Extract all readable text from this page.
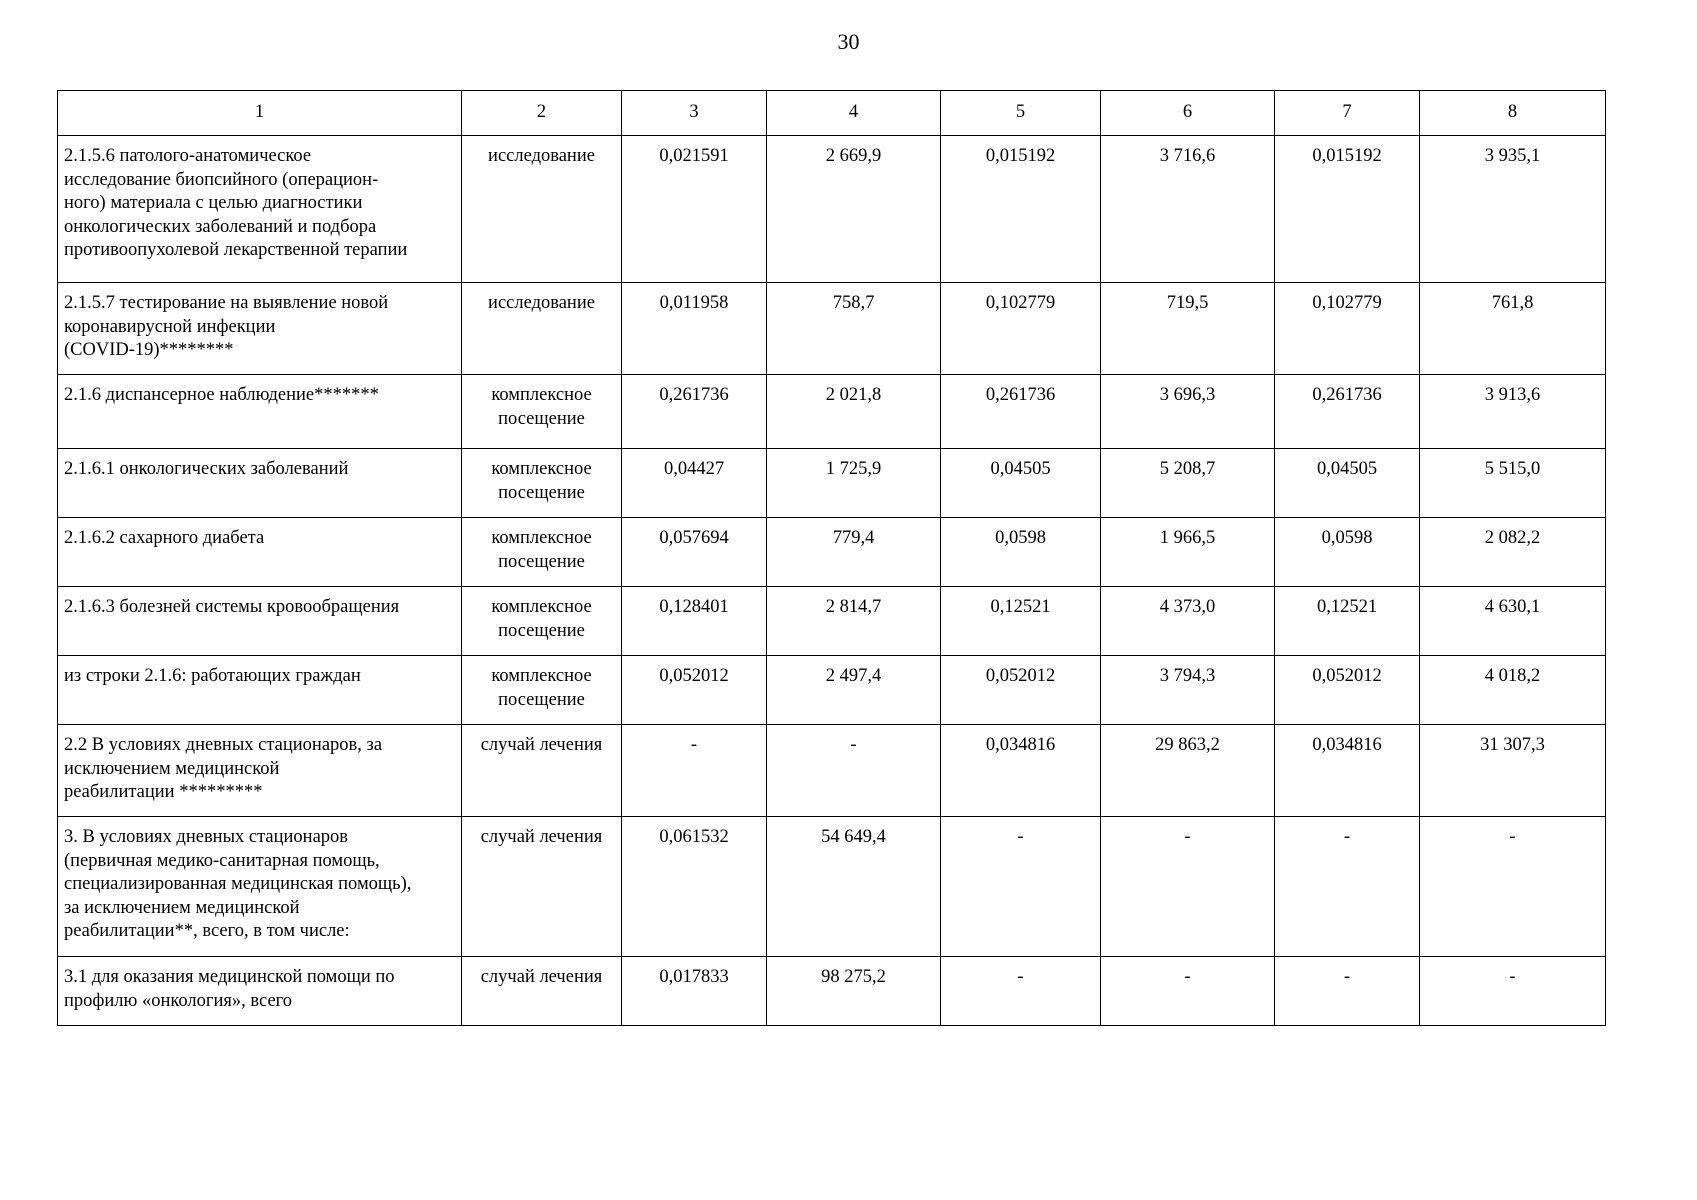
30
1	2	3	4	5	6	7	8
2.1.5.6 патолого-анатомическое
исследование биопсийного (операцион-
ного) материала с целью диагностики
онкологических заболеваний и подбора
противоопухолевой лекарственной терапии	исследование	0,021591	2 669,9	0,015192	3 716,6	0,015192	3 935,1
2.1.5.7 тестирование на выявление новой
коронавирусной инфекции
(COVID-19)********	исследование	0,011958	758,7	0,102779	719,5	0,102779	761,8
2.1.6 диспансерное наблюдение*******	комплексное
посещение	0,261736	2 021,8	0,261736	3 696,3	0,261736	3 913,6
2.1.6.1 онкологических заболеваний	комплексное
посещение	0,04427	1 725,9	0,04505	5 208,7	0,04505	5 515,0
2.1.6.2 сахарного диабета	комплексное
посещение	0,057694	779,4	0,0598	1 966,5	0,0598	2 082,2
2.1.6.3 болезней системы кровообращения	комплексное
посещение	0,128401	2 814,7	0,12521	4 373,0	0,12521	4 630,1
из строки 2.1.6: работающих граждан	комплексное
посещение	0,052012	2 497,4	0,052012	3 794,3	0,052012	4 018,2
2.2 В условиях дневных стационаров, за
исключением медицинской
реабилитации *********	случай лечения	-	-	0,034816	29 863,2	0,034816	31 307,3
3. В условиях дневных стационаров
(первичная медико-санитарная помощь,
специализированная медицинская помощь),
за исключением медицинской
реабилитации**, всего, в том числе:	случай лечения	0,061532	54 649,4	-	-	-	-
3.1 для оказания медицинской помощи по
профилю «онкология», всего	случай лечения	0,017833	98 275,2	-	-	-	-
